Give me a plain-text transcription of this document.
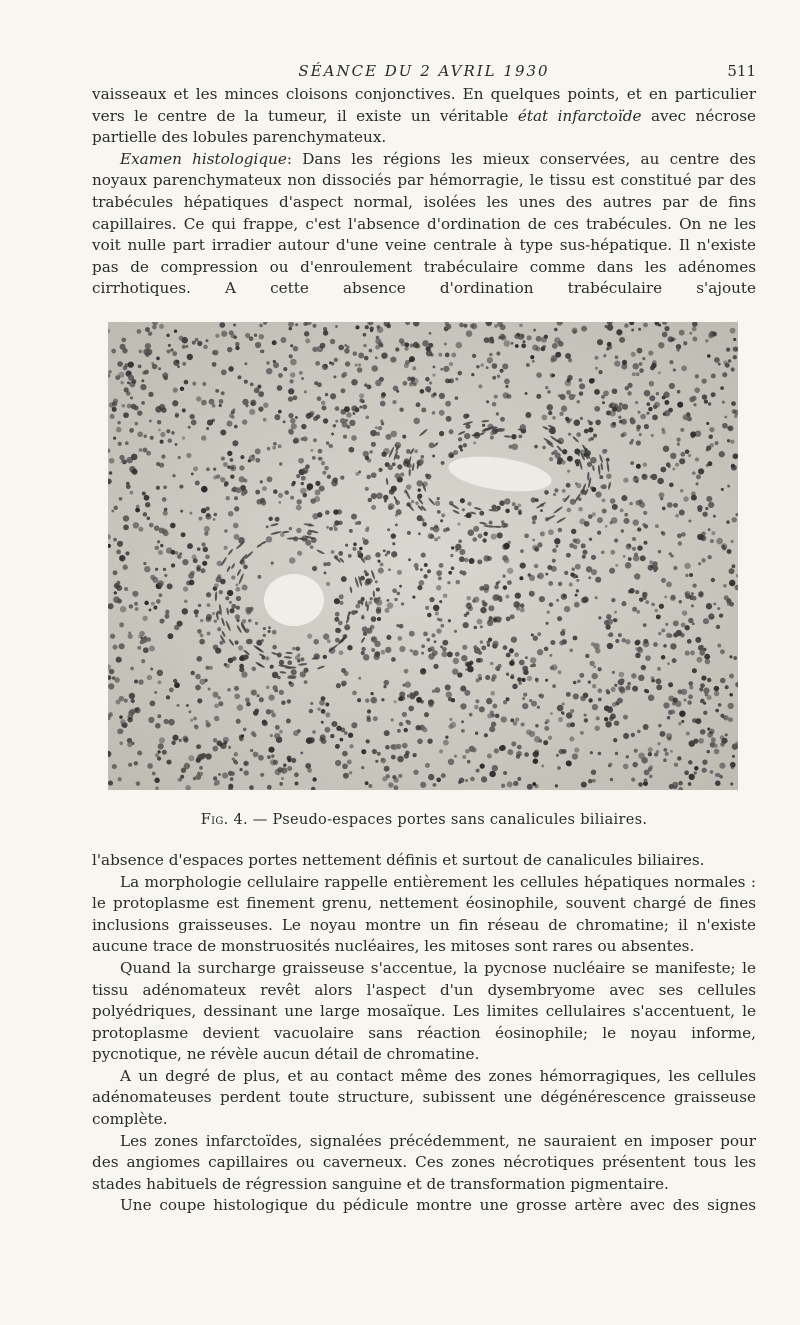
SÉANCE DU 2 AVRIL 1930	511

vaisseaux et les minces cloisons conjonctives. En quelques points, et en particulier vers le centre de la tumeur, il existe un véritable état infarctoïde avec nécrose partielle des lobules parenchymateux.

Examen histologique: Dans les régions les mieux conservées, au centre des noyaux parenchymateux non dissociés par hémorragie, le tissu est constitué par des trabécules hépatiques d'aspect normal, isolées les unes des autres par de fins capillaires. Ce qui frappe, c'est l'absence d'ordination de ces trabécules. On ne les voit nulle part irradier autour d'une veine centrale à type sus-hépatique. Il n'existe pas de compression ou d'enroulement trabéculaire comme dans les adénomes cirrhotiques. A cette absence d'ordination trabéculaire s'ajoute

Fig. 4. — Pseudo-espaces portes sans canalicules biliaires.

l'absence d'espaces portes nettement définis et surtout de canalicules biliaires.

La morphologie cellulaire rappelle entièrement les cellules hépatiques normales : le protoplasme est finement grenu, nettement éosinophile, souvent chargé de fines inclusions graisseuses. Le noyau montre un fin réseau de chromatine; il n'existe aucune trace de monstruosités nucléaires, les mitoses sont rares ou absentes.

Quand la surcharge graisseuse s'accentue, la pycnose nucléaire se manifeste; le tissu adénomateux revêt alors l'aspect d'un dysembryome avec ses cellules polyédriques, dessinant une large mosaïque. Les limites cellulaires s'accentuent, le protoplasme devient vacuolaire sans réaction éosinophile; le noyau informe, pycnotique, ne révèle aucun détail de chromatine.

A un degré de plus, et au contact même des zones hémorragiques, les cellules adénomateuses perdent toute structure, subissent une dégénérescence graisseuse complète.

Les zones infarctoïdes, signalées précédemment, ne sauraient en imposer pour des angiomes capillaires ou caverneux. Ces zones nécrotiques présentent tous les stades habituels de régression sanguine et de transformation pigmentaire.

Une coupe histologique du pédicule montre une grosse artère avec des signes
